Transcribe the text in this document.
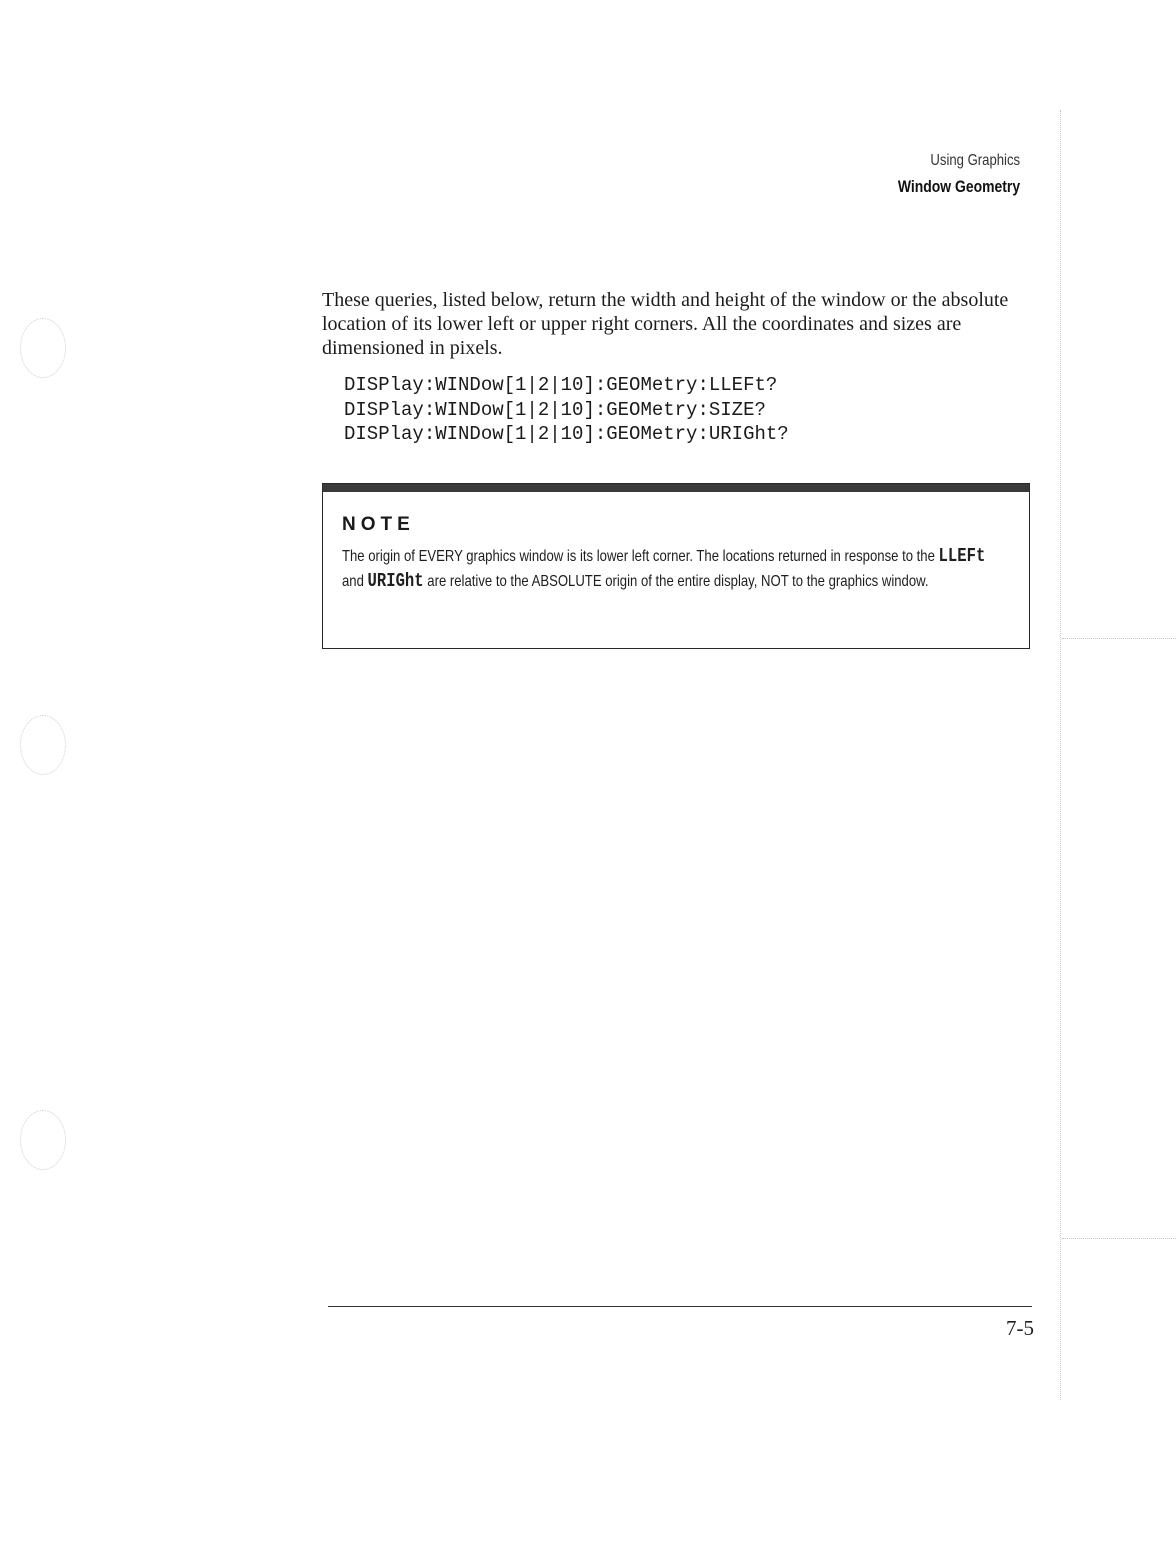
Using Graphics
Window Geometry

These queries, listed below, return the width and height of the window or the absolute location of its lower left or upper right corners. All the coordinates and sizes are dimensioned in pixels.

DISPlay:WINDow[1|2|10]:GEOMetry:LLEFt?
DISPlay:WINDow[1|2|10]:GEOMetry:SIZE?
DISPlay:WINDow[1|2|10]:GEOMetry:URIGht?
NOTE
The origin of EVERY graphics window is its lower left corner. The locations returned in response to the LLEFt and URIGht are relative to the ABSOLUTE origin of the entire display, NOT to the graphics window.
7-5
